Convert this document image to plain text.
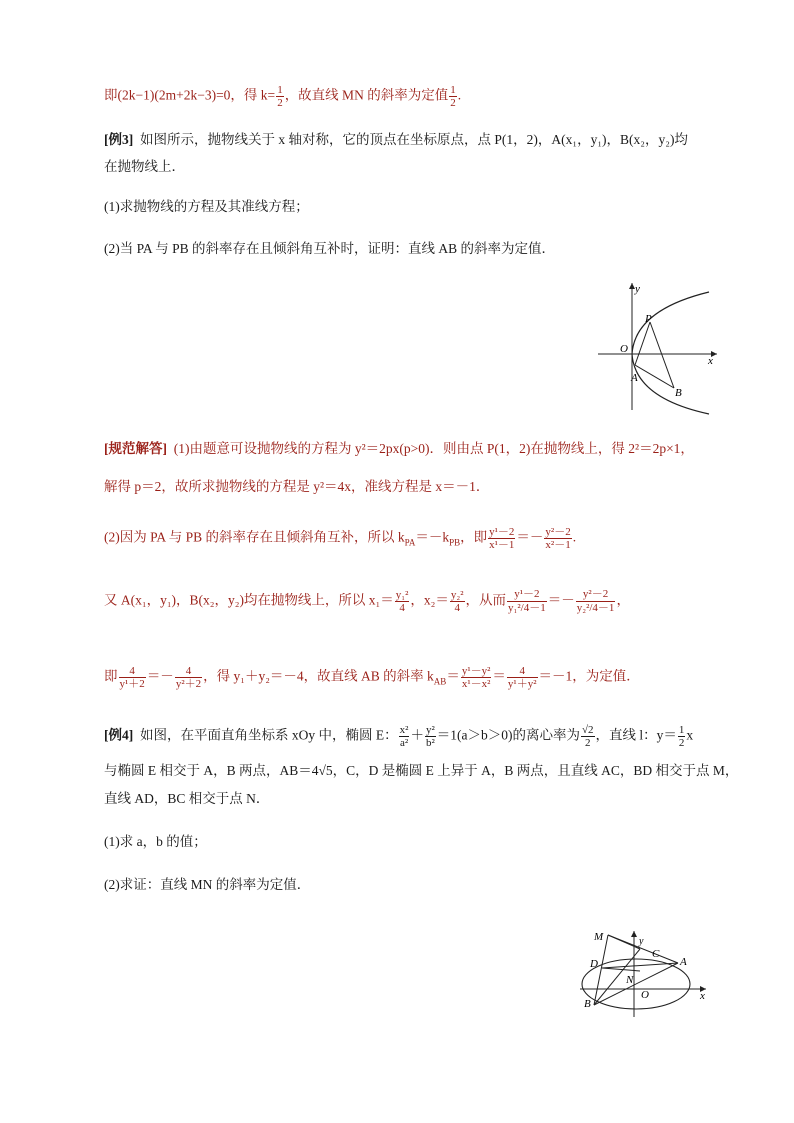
即(2k−1)(2m+2k−3)=0，得 $k= \frac{1}{2}$ ，故直线 MN 的斜率为定值 $\frac{1}{2}$ .
[例3] 如图所示，抛物线关于 x 轴对称，它的顶点在坐标原点，点 P(1，2)，A(x₁，y₁)，B(x₂，y₂)均
在抛物线上．
(1)求抛物线的方程及其准线方程；
(2)当 PA 与 PB 的斜率存在且倾斜角互补时，证明：直线 AB 的斜率为定值．
y
x
O
P
A
B
[规范解答] (1)由题意可设抛物线的方程为 y²＝2px(p>0)．则由点 P(1，2)在抛物线上，得 2²＝2p×1，
解得 p＝2，故所求抛物线的方程是 y²＝4x，准线方程是 x＝－1．
(2)因为 PA 与 PB 的斜率存在且倾斜角互补，所以 $k_{PA}=-k_{PB}$，即 $\frac{\text{y¹－2}}{\text{x¹－1}} =- \frac{\text{y²－2}}{\text{x²－1}}$ .
又 A(x₁，y₁)，B(x₂，y₂)均在抛物线上，所以 $x_1= \frac{\text{y₁²}}{4}$ ，$x_2= \frac{\text{y₂²}}{4}$ ，从而 $\frac{\text{y¹－2}}{\text{y₁²/4－1}} =- \frac{\text{y²－2}}{\text{y₂²/4－1}}$ ，
即 $\frac{4}{\text{y¹＋2}} =- \frac{4}{\text{y²＋2}}$ ，得 y₁＋y₂＝－4，故直线 AB 的斜率 $k_{AB}= \frac{\text{y¹－y²}}{\text{x¹－x²}} = \frac{4}{\text{y¹＋y²}} =-1$，为定值．
[例4] 如图，在平面直角坐标系 xOy 中，椭圆 E： $\frac{\text{x²}}{\text{a²}} + \frac{\text{y²}}{\text{b²}} =1(a>b>0)$的离心率为 $\frac{√2}{2}$ ，直线 l：$y= \frac{1}{2}$ x
与椭圆 E 相交于 A，B 两点，AB＝4√5，C，D 是椭圆 E 上异于 A，B 两点，且直线 AC，BD 相交于点 M，
直线 AD，BC 相交于点 N．
(1)求 a，b 的值；
(2)求证：直线 MN 的斜率为定值．
M	y
C
A
D
N
O
B
x
